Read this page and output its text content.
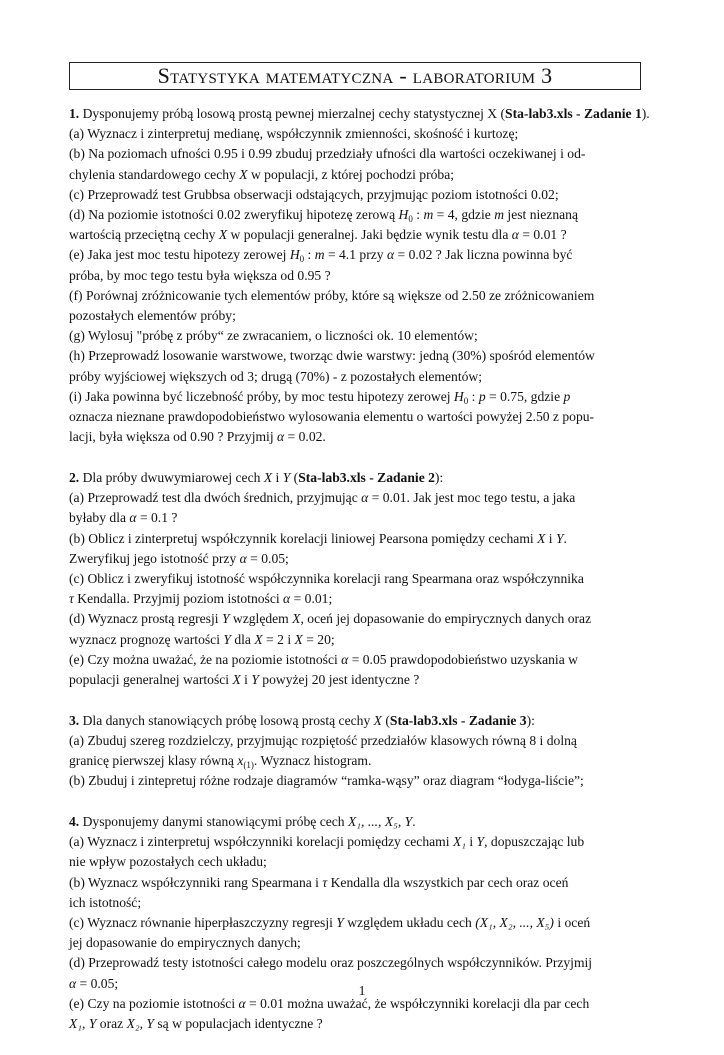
Statystyka matematyczna - laboratorium 3
1. Dysponujemy próbą losową prostą pewnej mierzalnej cechy statystycznej X (Sta-lab3.xls - Zadanie 1).
(a) Wyznacz i zinterpretuj medianę, współczynnik zmienności, skośność i kurtozę;
(b) Na poziomach ufności 0.95 i 0.99 zbuduj przedziały ufności dla wartości oczekiwanej i od-
chylenia standardowego cechy X w populacji, z której pochodzi próba;
(c) Przeprowadź test Grubbsa obserwacji odstających, przyjmując poziom istotności 0.02;
(d) Na poziomie istotności 0.02 zweryfikuj hipotezę zerową $H_0$ : m = 4, gdzie m jest nieznaną
wartością przeciętną cechy X w populacji generalnej. Jaki będzie wynik testu dla α = 0.01 ?
(e) Jaka jest moc testu hipotezy zerowej $H_0$ : m = 4.1 przy α = 0.02 ? Jak liczna powinna być
próba, by moc tego testu była większa od 0.95 ?
(f) Porównaj zróżnicowanie tych elementów próby, które są większe od 2.50 ze zróżnicowaniem
pozostałych elementów próby;
(g) Wylosuj "próbę z próby“ ze zwracaniem, o liczności ok. 10 elementów;
(h) Przeprowadź losowanie warstwowe, tworząc dwie warstwy: jedną (30%) spośród elementów
próby wyjściowej większych od 3; drugą (70%) - z pozostałych elementów;
(i) Jaka powinna być liczebność próby, by moc testu hipotezy zerowej $H_0$ : p = 0.75, gdzie p
oznacza nieznane prawdopodobieństwo wylosowania elementu o wartości powyżej 2.50 z popu-
lacji, była większa od 0.90 ? Przyjmij α = 0.02.
2. Dla próby dwuwymiarowej cech X i Y (Sta-lab3.xls - Zadanie 2):
(a) Przeprowadź test dla dwóch średnich, przyjmując α = 0.01. Jak jest moc tego testu, a jaka
byłaby dla α = 0.1 ?
(b) Oblicz i zinterpretuj współczynnik korelacji liniowej Pearsona pomiędzy cechami X i Y.
Zweryfikuj jego istotność przy α = 0.05;
(c) Oblicz i zweryfikuj istotność współczynnika korelacji rang Spearmana oraz współczynnika
τ Kendalla. Przyjmij poziom istotności α = 0.01;
(d) Wyznacz prostą regresji Y względem X, oceń jej dopasowanie do empirycznych danych oraz
wyznacz prognozę wartości Y dla X = 2 i X = 20;
(e) Czy można uważać, że na poziomie istotności α = 0.05 prawdopodobieństwo uzyskania w
populacji generalnej wartości X i Y powyżej 20 jest identyczne ?
3. Dla danych stanowiących próbę losową prostą cechy X (Sta-lab3.xls - Zadanie 3):
(a) Zbuduj szereg rozdzielczy, przyjmując rozpiętość przedziałów klasowych równą 8 i dolną
granicę pierwszej klasy równą $x_{(1)}$. Wyznacz histogram.
(b) Zbuduj i zintepretuj różne rodzaje diagramów “ramka-wąsy” oraz diagram “łodyga-liście”;
4. Dysponujemy danymi stanowiącymi próbę cech X₁, ..., X₅, Y.
(a) Wyznacz i zinterpretuj współczynniki korelacji pomiędzy cechami X₁ i Y, dopuszczając lub
nie wpływ pozostałych cech układu;
(b) Wyznacz współczynniki rang Spearmana i τ Kendalla dla wszystkich par cech oraz oceń
ich istotność;
(c) Wyznacz równanie hiperpłaszczyzny regresji Y względem układu cech (X₁, X₂, ..., X₅) i oceń
jej dopasowanie do empirycznych danych;
(d) Przeprowadź testy istotności całego modelu oraz poszczególnych współczynników. Przyjmij
α = 0.05;
(e) Czy na poziomie istotności α = 0.01 można uważać, że współczynniki korelacji dla par cech
X₁, Y oraz X₂, Y są w populacjach identyczne ?
1
